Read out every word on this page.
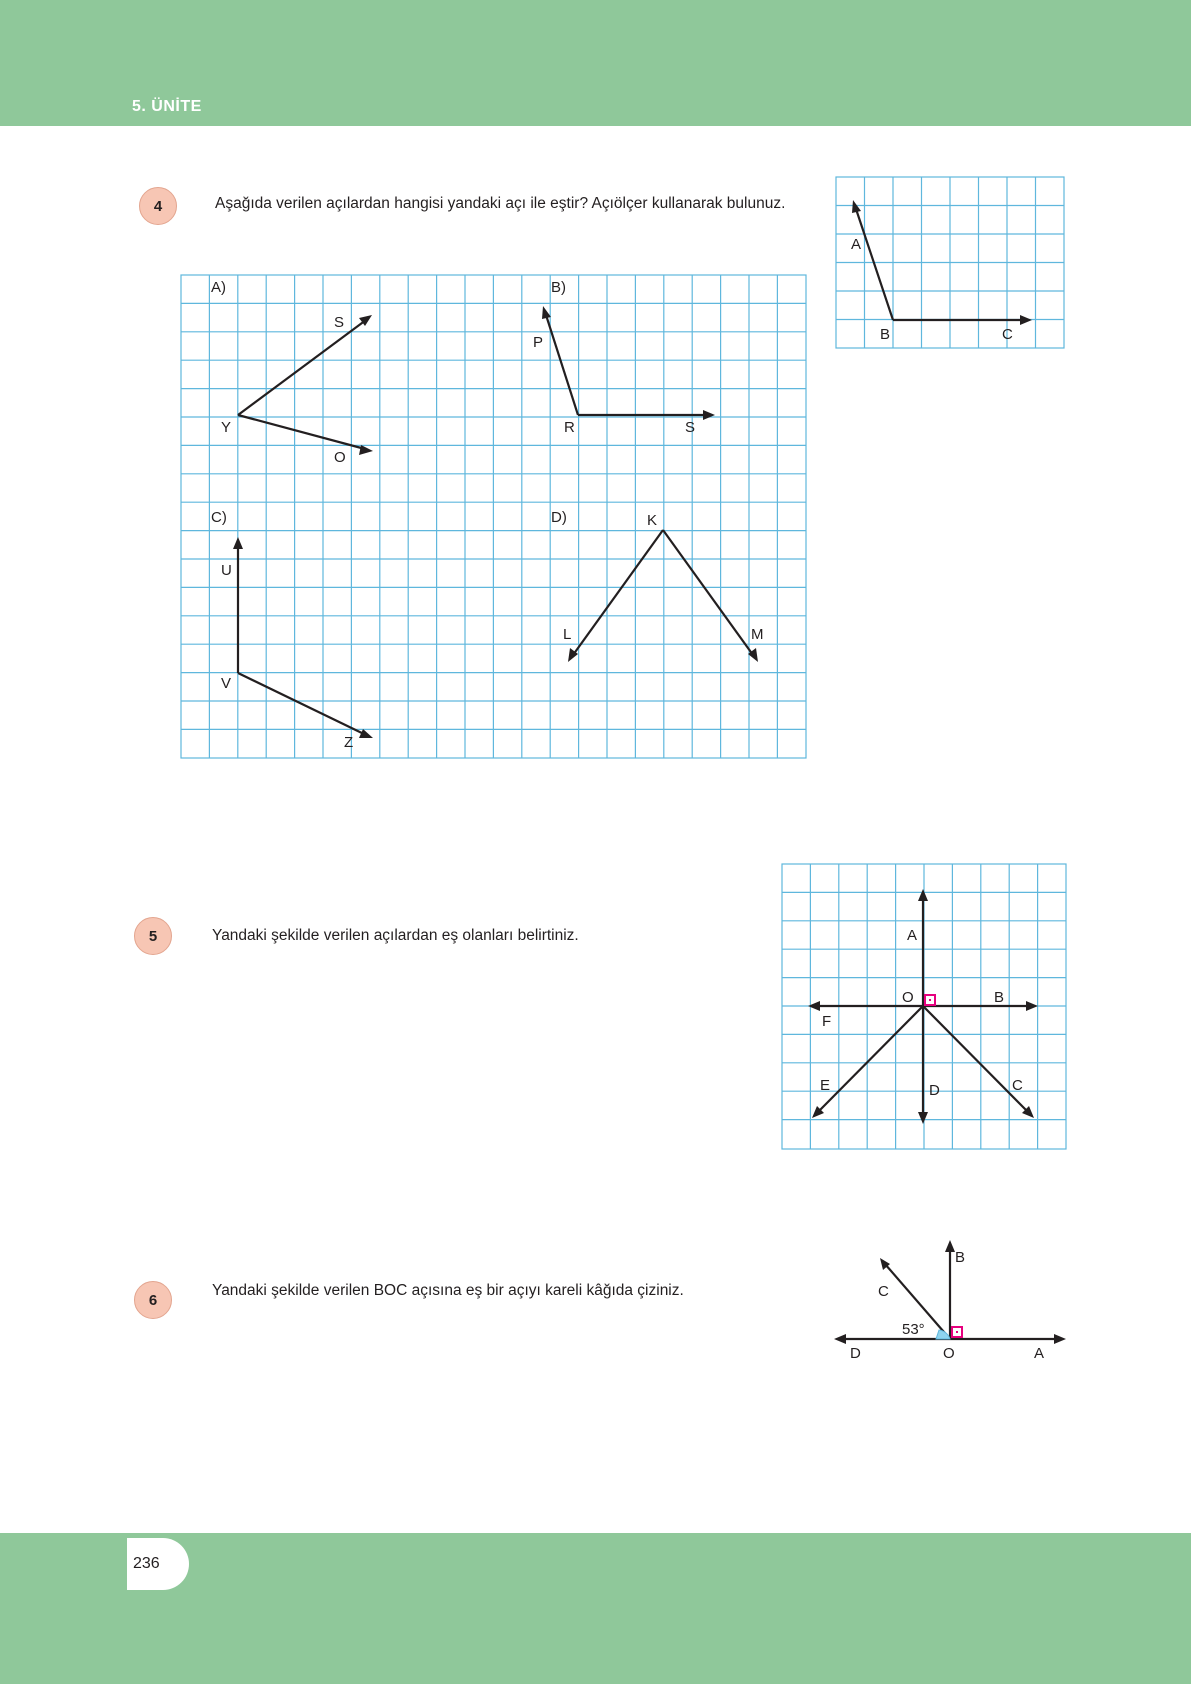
5. ÜNİTE
236
4	Aşağıda verilen açılardan hangisi yandaki açı ile eştir? Açıölçer kullanarak bulunuz.
A
B	C
A)
S
Y
O
B)
P
R	S
C)
U
V
Z
D)	K
L	M
5	Yandaki şekilde verilen açılardan eş olanları belirtiniz.	A
O	B
F
E	D	C
6
Yandaki şekilde verilen BOC açısına eş bir açıyı kareli kâğıda çiziniz.
B
C
53°
D	O	A
